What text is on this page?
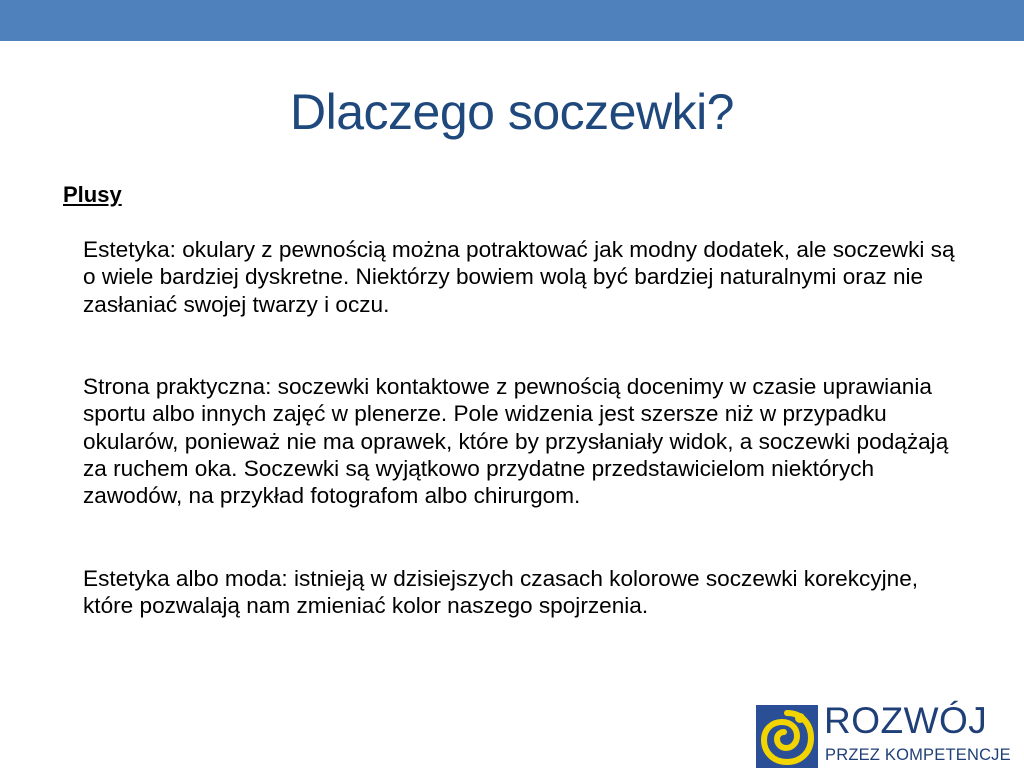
Dlaczego soczewki?
Plusy
Estetyka: okulary z pewnością można potraktować jak modny dodatek, ale soczewki są o wiele bardziej dyskretne. Niektórzy bowiem wolą być bardziej naturalnymi oraz nie zasłaniać swojej twarzy i oczu.
Strona praktyczna: soczewki kontaktowe z pewnością docenimy w czasie uprawiania sportu albo innych zajęć w plenerze. Pole widzenia jest szersze niż w przypadku okularów, ponieważ nie ma oprawek, które by przysłaniały widok, a soczewki podążają za ruchem oka. Soczewki są wyjątkowo przydatne przedstawicielom niektórych zawodów, na przykład fotografom albo chirurgom.
Estetyka albo moda: istnieją w dzisiejszych czasach kolorowe soczewki korekcyjne, które pozwalają nam zmieniać kolor naszego spojrzenia.
ROZWÓJ
PRZEZ KOMPETENCJE
